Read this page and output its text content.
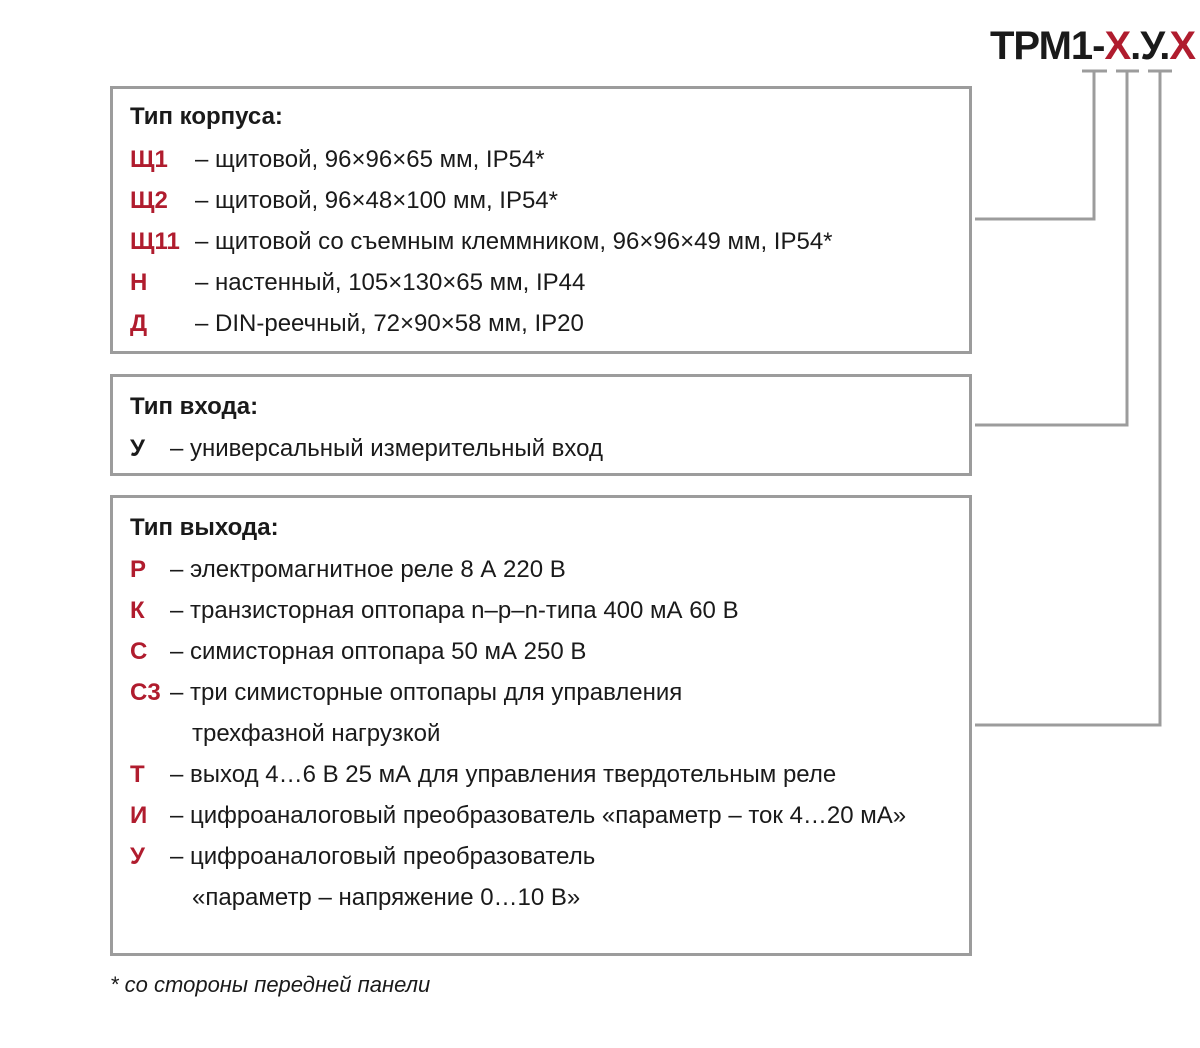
ТРМ1-Х.У.Х
Тип корпуса:
Щ1 – щитовой, 96×96×65 мм, IP54*
Щ2 – щитовой, 96×48×100 мм, IP54*
Щ11 – щитовой со съемным клеммником, 96×96×49 мм, IP54*
Н – настенный, 105×130×65 мм, IP44
Д – DIN-реечный, 72×90×58 мм, IP20
Тип входа:
У – универсальный измерительный вход
Тип выхода:
Р – электромагнитное реле 8 А 220 В
К – транзисторная оптопара n–p–n-типа 400 мА 60 В
С – симисторная оптопара 50 мА 250 В
С3 – три симисторные оптопары для управления
трехфазной нагрузкой
Т – выход 4…6 В 25 мА для управления твердотельным реле
И – цифроаналоговый преобразователь «параметр – ток 4…20 мА»
У – цифроаналоговый преобразователь
«параметр – напряжение 0…10 В»
* со стороны передней панели
